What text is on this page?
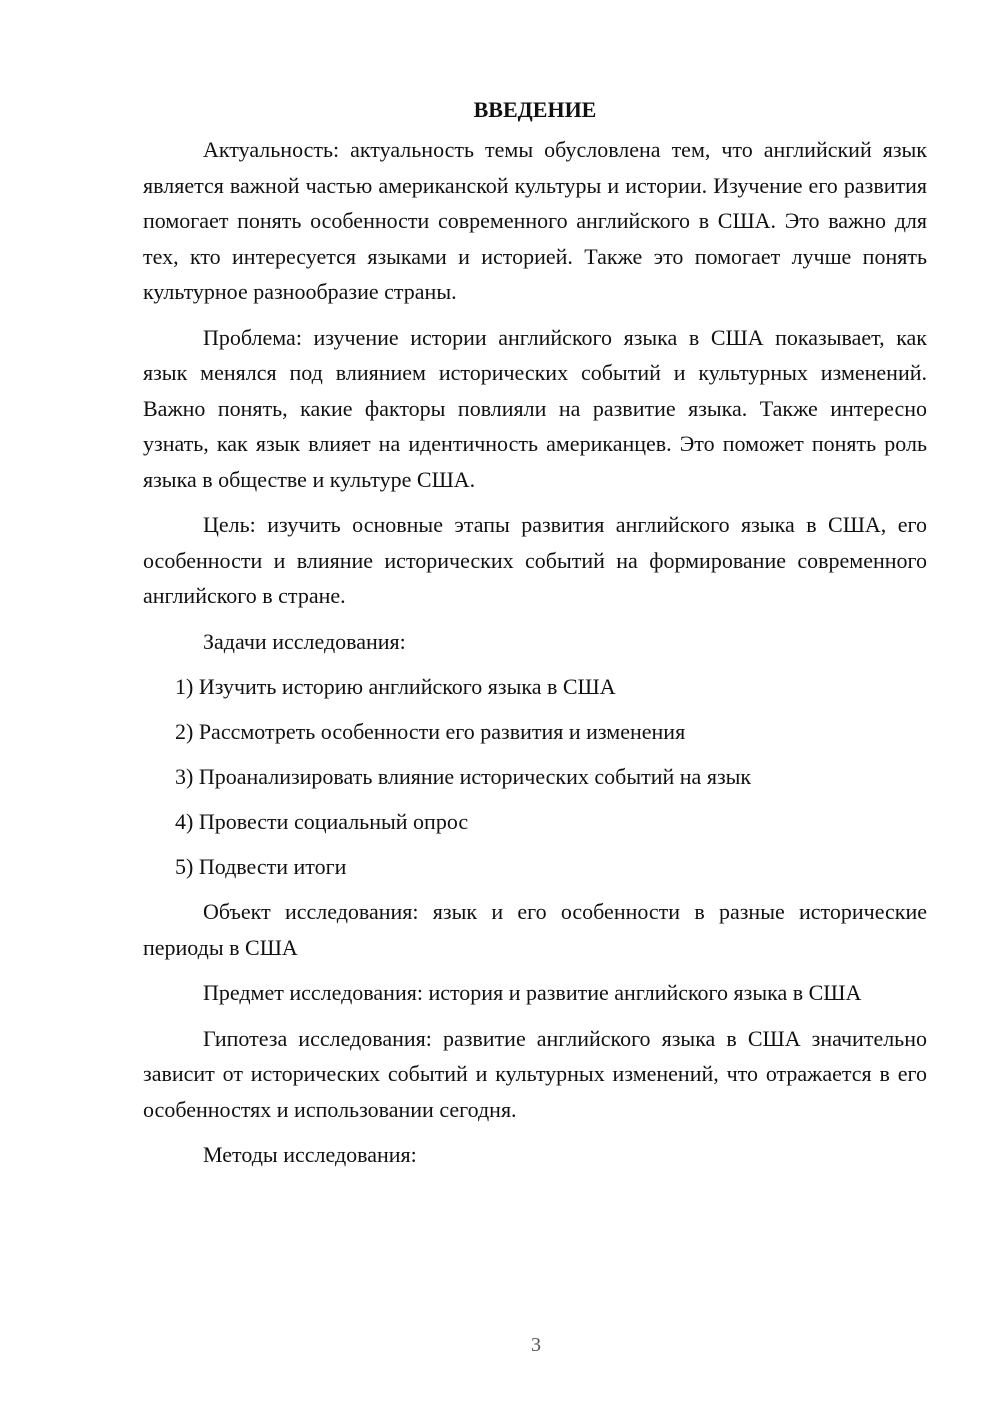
ВВЕДЕНИЕ

Актуальность: актуальность темы обусловлена тем, что английский язык является важной частью американской культуры и истории. Изучение его развития помогает понять особенности современного английского в США. Это важно для тех, кто интересуется языками и историей. Также это помогает лучше понять культурное разнообразие страны.

Проблема: изучение истории английского языка в США показывает, как язык менялся под влиянием исторических событий и культурных изменений. Важно понять, какие факторы повлияли на развитие языка. Также интересно узнать, как язык влияет на идентичность американцев. Это поможет понять роль языка в обществе и культуре США.

Цель: изучить основные этапы развития английского языка в США, его особенности и влияние исторических событий на формирование современного английского в стране.

Задачи исследования:

1) Изучить историю английского языка в США
2) Рассмотреть особенности его развития и изменения
3) Проанализировать влияние исторических событий на язык
4) Провести социальный опрос
5) Подвести итоги

Объект исследования: язык и его особенности в разные исторические периоды в США

Предмет исследования: история и развитие английского языка в США

Гипотеза исследования: развитие английского языка в США значительно зависит от исторических событий и культурных изменений, что отражается в его особенностях и использовании сегодня.

Методы исследования:

3
